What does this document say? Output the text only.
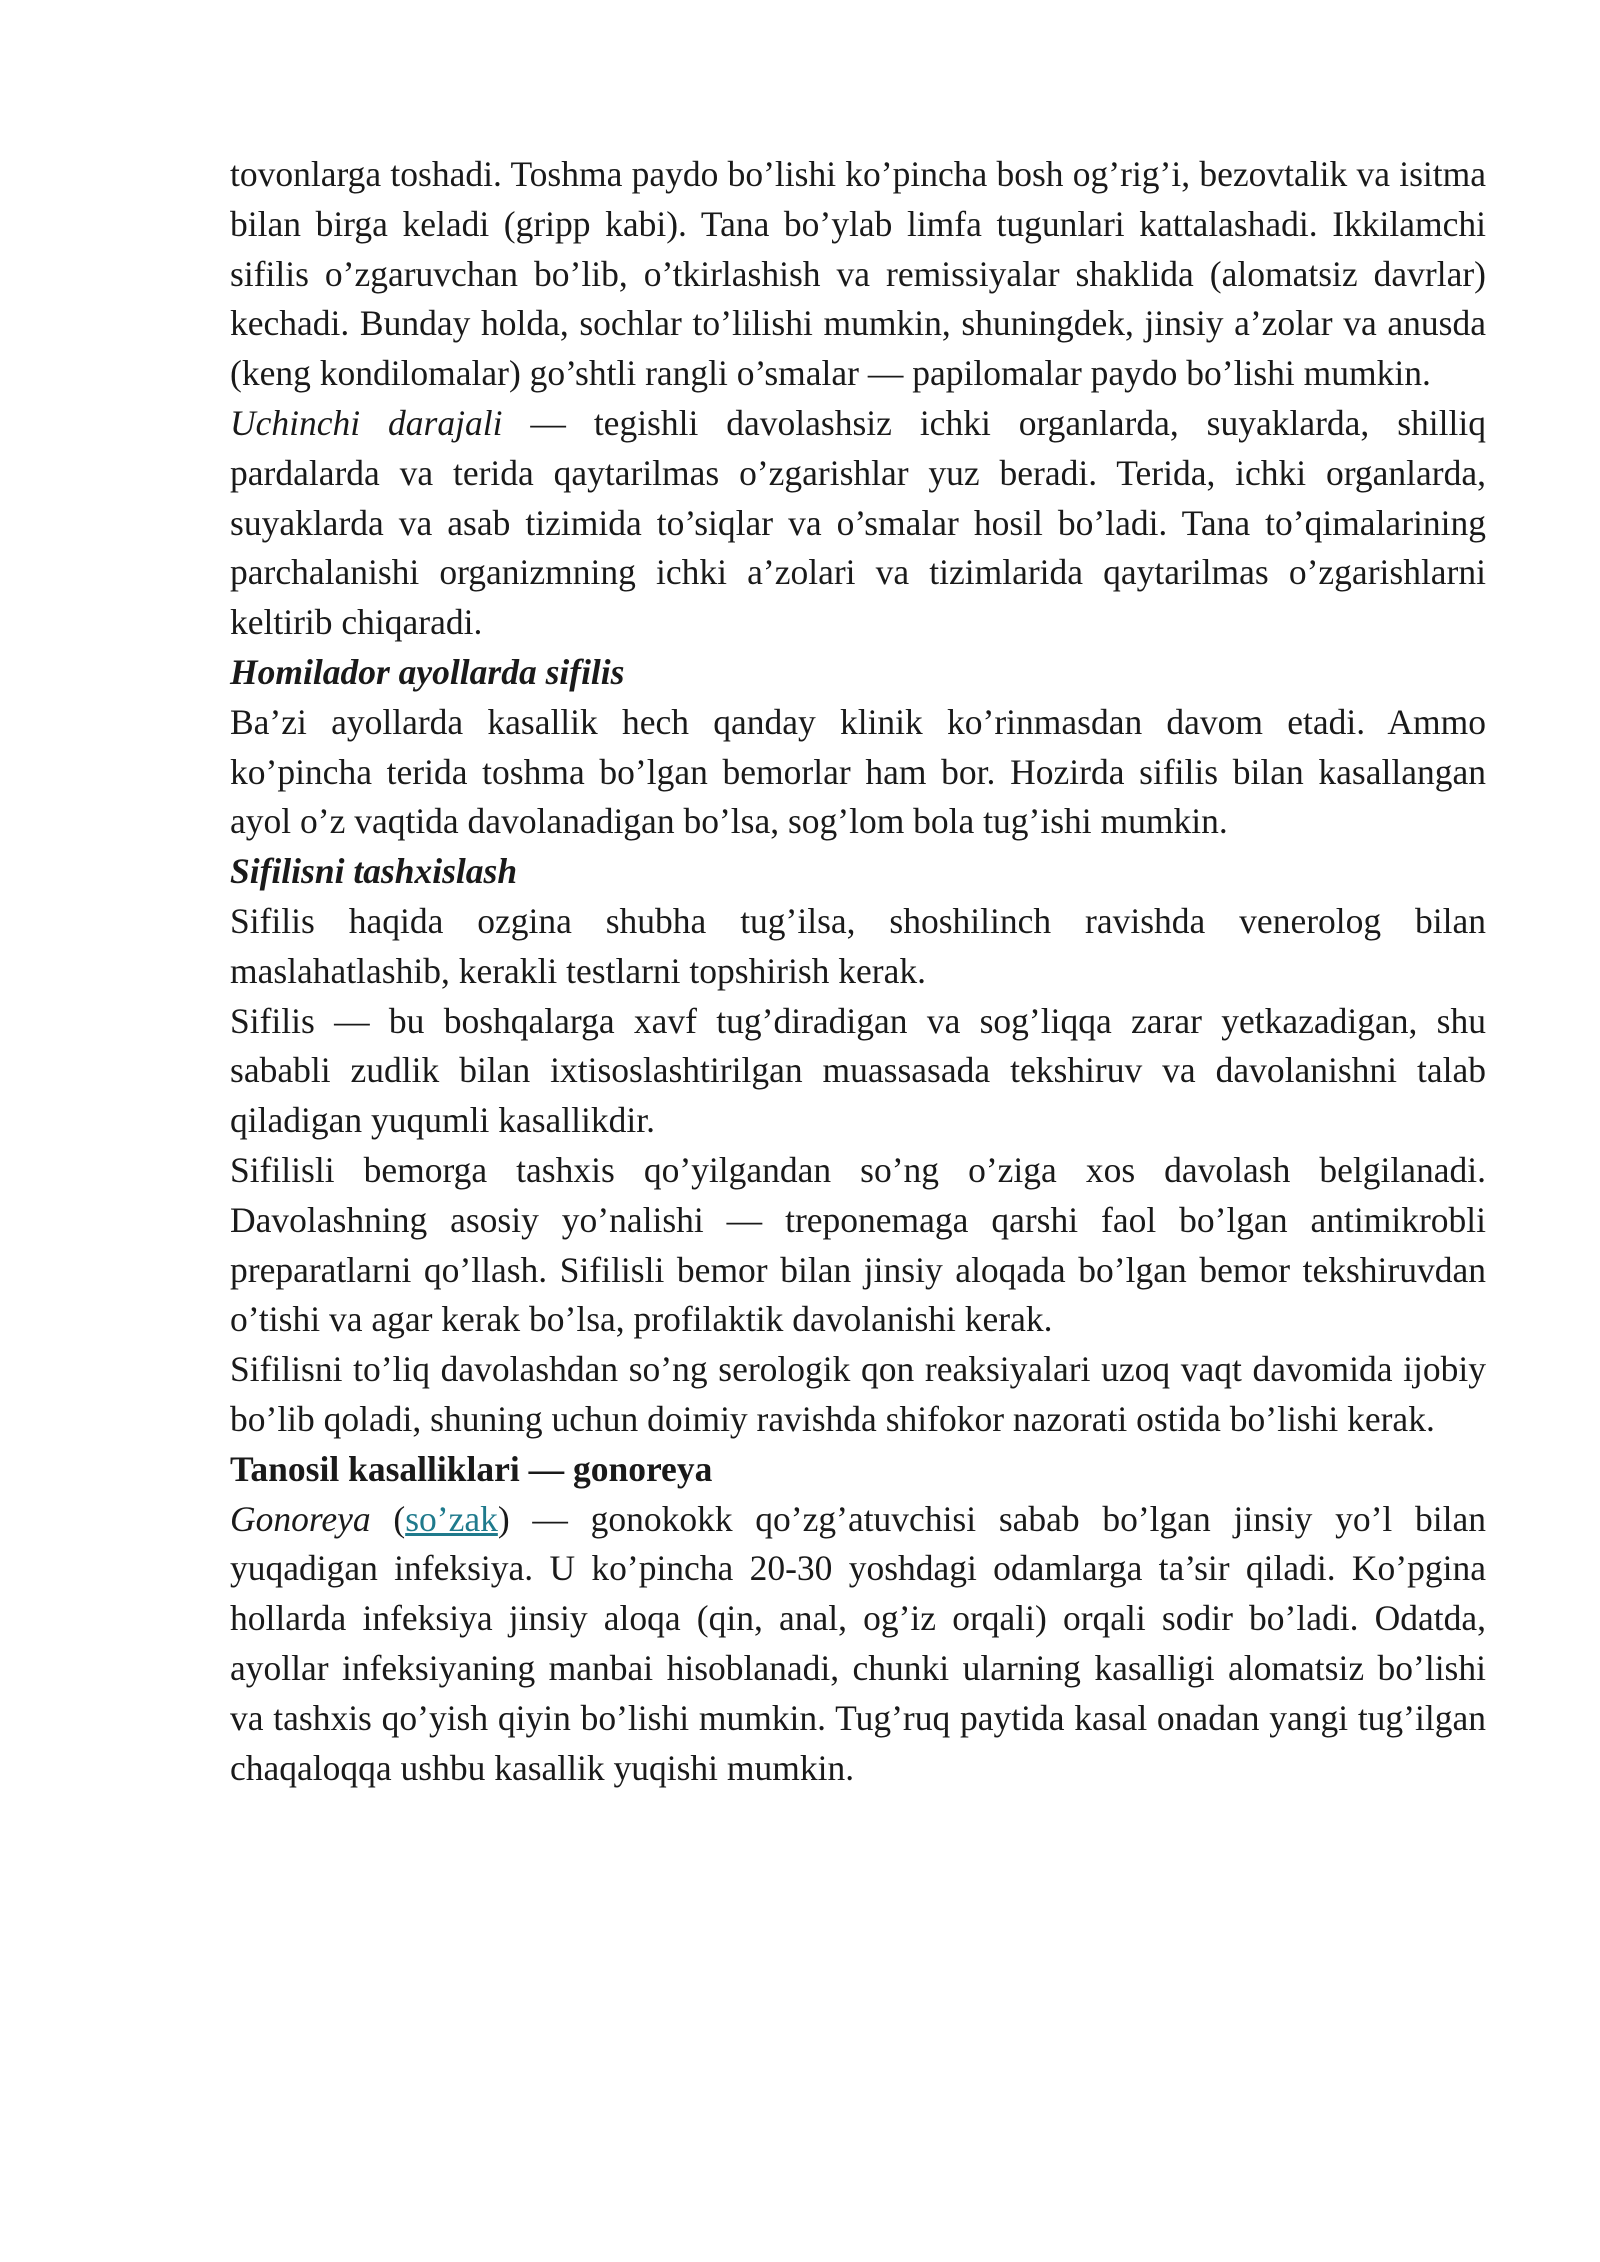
tovonlarga toshadi. Toshma paydo bo’lishi ko’pincha bosh og’rig’i, bezovtalik va isitma bilan birga keladi (gripp kabi). Tana bo’ylab limfa tugunlari kattalashadi. Ikkilamchi sifilis o’zgaruvchan bo’lib, o’tkirlashish va remissiyalar shaklida (alomatsiz davrlar) kechadi. Bunday holda, sochlar to’lilishi mumkin, shuningdek, jinsiy a’zolar va anusda (keng kondilomalar) go’shtli rangli o’smalar — papilomalar paydo bo’lishi mumkin.

Uchinchi darajali — tegishli davolashsiz ichki organlarda, suyaklarda, shilliq pardalarda va terida qaytarilmas o’zgarishlar yuz beradi. Terida, ichki organlarda, suyaklarda va asab tizimida to’siqlar va o’smalar hosil bo’ladi. Tana to’qimalarining parchalanishi organizmning ichki a’zolari va tizimlarida qaytarilmas o’zgarishlarni keltirib chiqaradi.

Homilador ayollarda sifilis

Ba’zi ayollarda kasallik hech qanday klinik ko’rinmasdan davom etadi. Ammo ko’pincha terida toshma bo’lgan bemorlar ham bor. Hozirda sifilis bilan kasallangan ayol o’z vaqtida davolanadigan bo’lsa, sog’lom bola tug’ishi mumkin.

Sifilisni tashxislash

Sifilis haqida ozgina shubha tug’ilsa, shoshilinch ravishda venerolog bilan maslahatlashib, kerakli testlarni topshirish kerak.

Sifilis — bu boshqalarga xavf tug’diradigan va sog’liqqa zarar yetkazadigan, shu sababli zudlik bilan ixtisoslashtirilgan muassasada tekshiruv va davolanishni talab qiladigan yuqumli kasallikdir.

Sifilisli bemorga tashxis qo’yilgandan so’ng o’ziga xos davolash belgilanadi. Davolashning asosiy yo’nalishi — treponemaga qarshi faol bo’lgan antimikrobli preparatlarni qo’llash. Sifilisli bemor bilan jinsiy aloqada bo’lgan bemor tekshiruvdan o’tishi va agar kerak bo’lsa, profilaktik davolanishi kerak.

Sifilisni to’liq davolashdan so’ng serologik qon reaksiyalari uzoq vaqt davomida ijobiy bo’lib qoladi, shuning uchun doimiy ravishda shifokor nazorati ostida bo’lishi kerak.

Tanosil kasalliklari — gonoreya

Gonoreya (so’zak) — gonokokk qo’zg’atuvchisi sabab bo’lgan jinsiy yo’l bilan yuqadigan infeksiya. U ko’pincha 20-30 yoshdagi odamlarga ta’sir qiladi. Ko’pgina hollarda infeksiya jinsiy aloqa (qin, anal, og’iz orqali) orqali sodir bo’ladi. Odatda, ayollar infeksiyaning manbai hisoblanadi, chunki ularning kasalligi alomatsiz bo’lishi va tashxis qo’yish qiyin bo’lishi mumkin. Tug’ruq paytida kasal onadan yangi tug’ilgan chaqaloqqa ushbu kasallik yuqishi mumkin.
